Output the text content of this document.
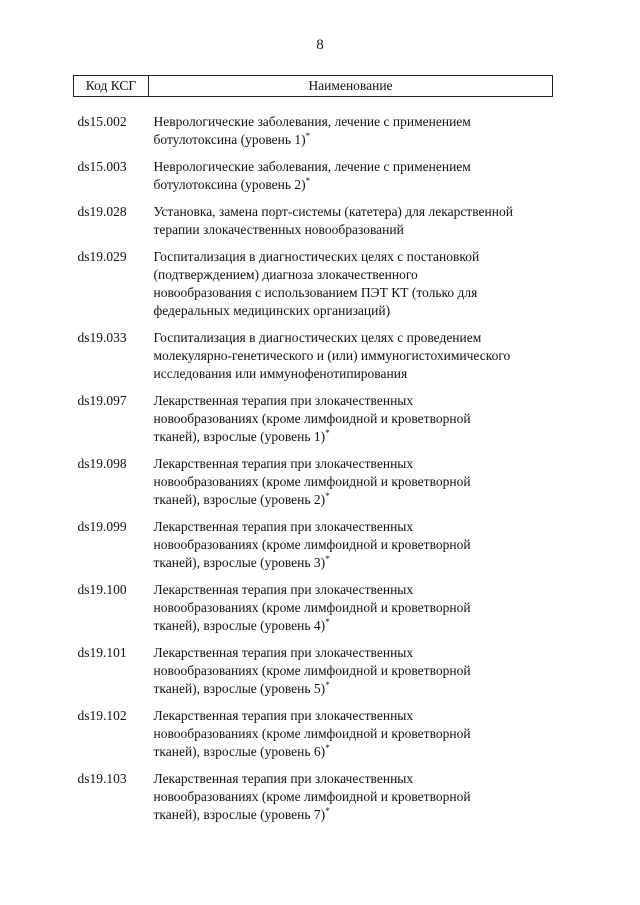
8
Код КСГ	Наименование

ds15.002	Неврологические заболевания, лечение с применением
ботулотоксина (уровень 1)*

ds15.003	Неврологические заболевания, лечение с применением
ботулотоксина (уровень 2)*

ds19.028	Установка, замена порт-системы (катетера) для лекарственной
терапии злокачественных новообразований

ds19.029	Госпитализация в диагностических целях с постановкой
(подтверждением) диагноза злокачественного
новообразования с использованием ПЭТ КТ (только для
федеральных медицинских организаций)

ds19.033	Госпитализация в диагностических целях с проведением
молекулярно-генетического и (или) иммуногистохимического
исследования или иммунофенотипирования

ds19.097	Лекарственная терапия при злокачественных
новообразованиях (кроме лимфоидной и кроветворной
тканей), взрослые (уровень 1)*

ds19.098	Лекарственная терапия при злокачественных
новообразованиях (кроме лимфоидной и кроветворной
тканей), взрослые (уровень 2)*

ds19.099	Лекарственная терапия при злокачественных
новообразованиях (кроме лимфоидной и кроветворной
тканей), взрослые (уровень 3)*

ds19.100	Лекарственная терапия при злокачественных
новообразованиях (кроме лимфоидной и кроветворной
тканей), взрослые (уровень 4)*

ds19.101	Лекарственная терапия при злокачественных
новообразованиях (кроме лимфоидной и кроветворной
тканей), взрослые (уровень 5)*

ds19.102	Лекарственная терапия при злокачественных
новообразованиях (кроме лимфоидной и кроветворной
тканей), взрослые (уровень 6)*

ds19.103	Лекарственная терапия при злокачественных
новообразованиях (кроме лимфоидной и кроветворной
тканей), взрослые (уровень 7)*
